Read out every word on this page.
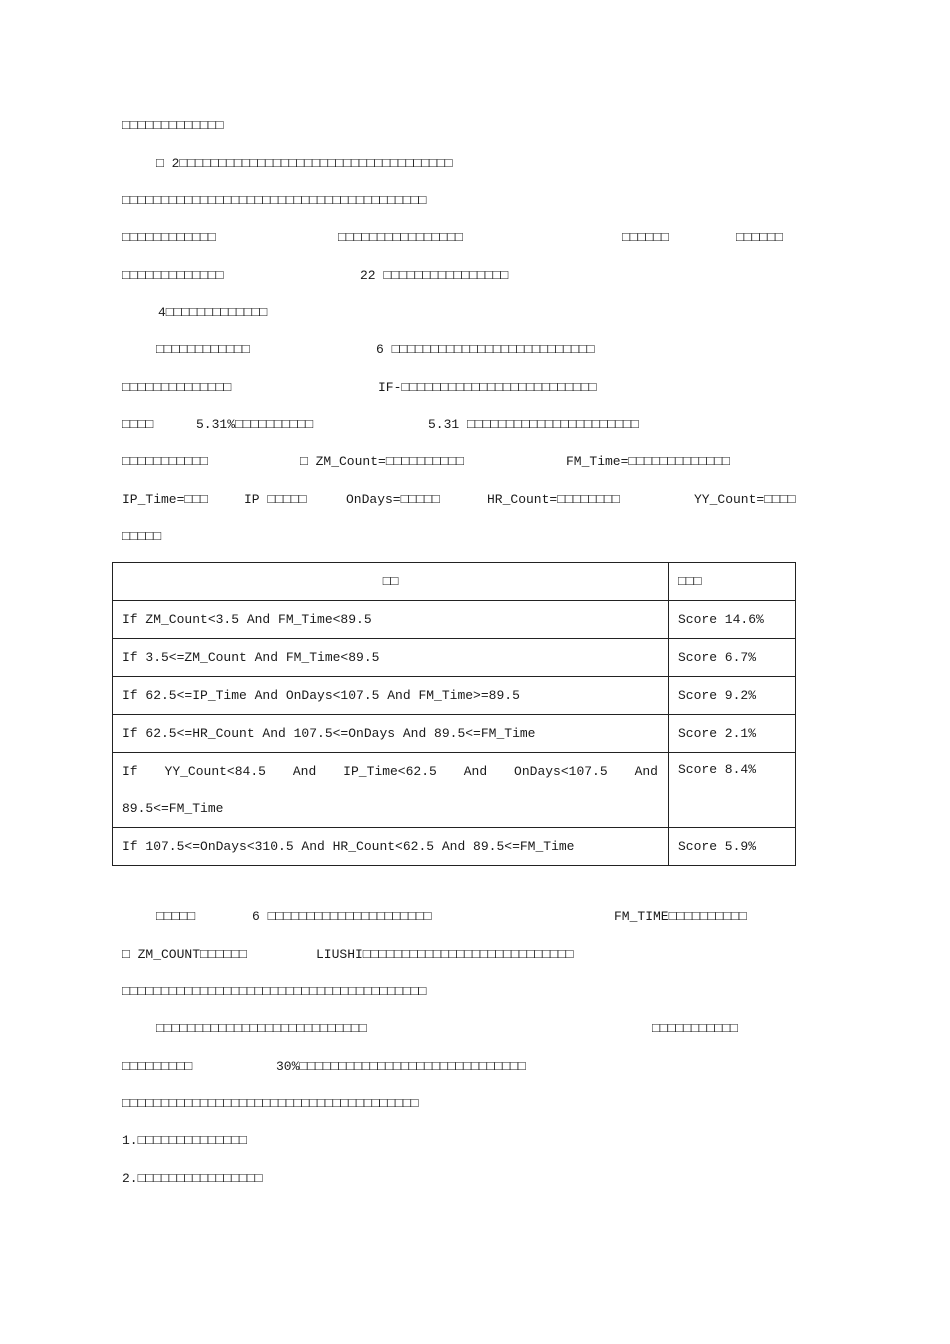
□□□□□□□□□□□□□
□ 2□□□□□□□□□□□□□□□□□□□□□□□□□□□□□□□□□□□
□□□□□□□□□□□□□□□□□□□□□□□□□□□□□□□□□□□□□□□
□□□□□□□□□□□□	□□□□□□□□□□□□□□□□	□□□□□□	□□□□□□
□□□□□□□□□□□□□	22 □□□□□□□□□□□□□□□□
4□□□□□□□□□□□□□
□□□□□□□□□□□□	6 □□□□□□□□□□□□□□□□□□□□□□□□□□
□□□□□□□□□□□□□□	IF-□□□□□□□□□□□□□□□□□□□□□□□□□
□□□□	5.31%□□□□□□□□□□	5.31 □□□□□□□□□□□□□□□□□□□□□□
□□□□□□□□□□□	□ ZM_Count=□□□□□□□□□□	FM_Time=□□□□□□□□□□□□□
IP_Time=□□□	IP □□□□□	OnDays=□□□□□	HR_Count=□□□□□□□□	YY_Count=□□□□
□□□□□
□□□□□	6 □□□□□□□□□□□□□□□□□□□□□	FM_TIME□□□□□□□□□□
□ ZM_COUNT□□□□□□	LIUSHI□□□□□□□□□□□□□□□□□□□□□□□□□□□
□□□□□□□□□□□□□□□□□□□□□□□□□□□□□□□□□□□□□□□
□□□□□□□□□□□□□□□□□□□□□□□□□□□	□□□□□□□□□□□
□□□□□□□□□	30%□□□□□□□□□□□□□□□□□□□□□□□□□□□□□
□□□□□□□□□□□□□□□□□□□□□□□□□□□□□□□□□□□□□□
1.□□□□□□□□□□□□□□
2.□□□□□□□□□□□□□□□□
□□	□□□
If ZM_Count<3.5 And FM_Time<89.5	Score 14.6%
If 3.5<=ZM_Count And FM_Time<89.5	Score 6.7%
If 62.5<=IP_Time And OnDays<107.5 And FM_Time>=89.5	Score 9.2%
If 62.5<=HR_Count And 107.5<=OnDays And 89.5<=FM_Time	Score 2.1%

If YY_Count<84.5 And IP_Time<62.5 And OnDays<107.5 And
89.5<=FM_Time	Score 8.4%
If 107.5<=OnDays<310.5 And HR_Count<62.5 And 89.5<=FM_Time	Score 5.9%
